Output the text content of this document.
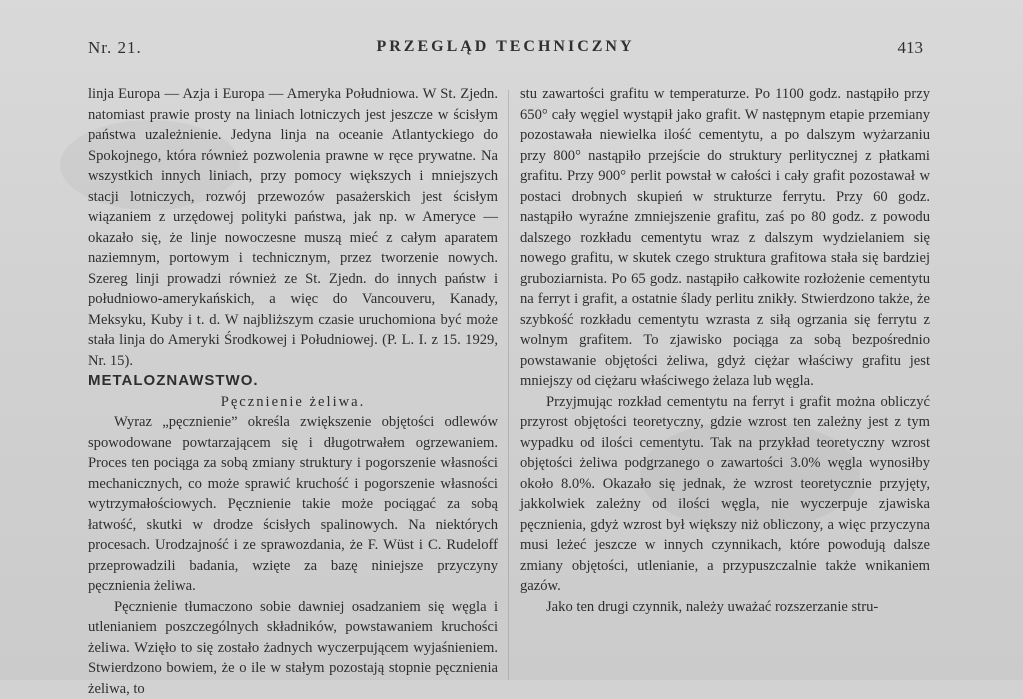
Nr. 21.	PRZEGLĄD TECHNICZNY	413

linja Europa — Azja i Europa — Ameryka Południowa. W St. Zjedn. natomiast prawie prosty na liniach lotniczych jest jeszcze w ścisłym państwa uzależnienie. Jedyna linja na oceanie Atlantyckiego do Spokojnego, która również pozwolenia prawne w ręce prywatne. Na wszystkich innych liniach, przy pomocy większych i mniejszych stacji lotniczych, rozwój przewozów pasażerskich jest ścisłym wiązaniem z urzędowej polityki państwa, jak np. w Ameryce — okazało się, że linje nowoczesne muszą mieć z całym aparatem naziemnym, portowym i technicznym, przez tworzenie nowych. Szereg linji prowadzi również ze St. Zjedn. do innych państw i południowo-amerykańskich, a więc do Vancouveru, Kanady, Meksyku, Kuby i t. d. W najbliższym czasie uruchomiona być może stała linja do Ameryki Środkowej i Południowej. (P. L. I. z 15. 1929, Nr. 15).

METALOZNAWSTWO.

Pęcznienie żeliwa.

Wyraz „pęcznienie” określa zwiększenie objętości odlewów spowodowane powtarzającem się i długotrwałem ogrzewaniem. Proces ten pociąga za sobą zmiany struktury i pogorszenie własności mechanicznych, co może sprawić kruchość i pogorszenie własności wytrzymałościowych. Pęcznienie takie może pociągać za sobą łatwość, skutki w drodze ścisłych spalinowych. Na niektórych procesach. Urodzajność i ze sprawozdania, że F. Wüst i C. Rudeloff przeprowadzili badania, wzięte za bazę niniejsze przyczyny pęcznienia żeliwa.

Pęcznienie tłumaczono sobie dawniej osadzaniem się węgla i utlenianiem poszczególnych składników, powstawaniem kruchości żeliwa. Wzięło to się zostało żadnych wyczerpującem wyjaśnieniem. Stwierdzono bowiem, że o ile w stałym pozostają stopnie pęcznienia żeliwa, to

stu zawartości grafitu w temperaturze. Po 1100 godz. nastąpiło przy 650° cały węgiel wystąpił jako grafit. W następnym etapie przemiany pozostawała niewielka ilość cementytu, a po dalszym wyżarzaniu przy 800° nastąpiło przejście do struktury perlitycznej z płatkami grafitu. Przy 900° perlit powstał w całości i cały grafit pozostawał w postaci drobnych skupień w strukturze ferrytu. Przy 60 godz. nastąpiło wyraźne zmniejszenie grafitu, zaś po 80 godz. z powodu dalszego rozkładu cementytu wraz z dalszym wydzielaniem się nowego grafitu, w skutek czego struktura grafitowa stała się bardziej gruboziarnista. Po 65 godz. nastąpiło całkowite rozłożenie cementytu na ferryt i grafit, a ostatnie ślady perlitu znikły. Stwierdzono także, że szybkość rozkładu cementytu wzrasta z siłą ogrzania się ferrytu z wolnym grafitem. To zjawisko pociąga za sobą bezpośrednio powstawanie objętości żeliwa, gdyż ciężar właściwy grafitu jest mniejszy od ciężaru właściwego żelaza lub węgla.

Przyjmując rozkład cementytu na ferryt i grafit można obliczyć przyrost objętości teoretyczny, gdzie wzrost ten zależny jest z tym wypadku od ilości cementytu. Tak na przykład teoretyczny wzrost objętości żeliwa podgrzanego o zawartości 3.0% węgla wynosiłby około 8.0%. Okazało się jednak, że wzrost teoretycznie przyjęty, jakkolwiek zależny od ilości węgla, nie wyczerpuje zjawiska pęcznienia, gdyż wzrost był większy niż obliczony, a więc przyczyna musi leżeć jeszcze w innych czynnikach, które powodują dalsze zmiany objętości, utlenianie, a przypuszczalnie także wnikaniem gazów.

Jako ten drugi czynnik, należy uważać rozszerzanie stru-
